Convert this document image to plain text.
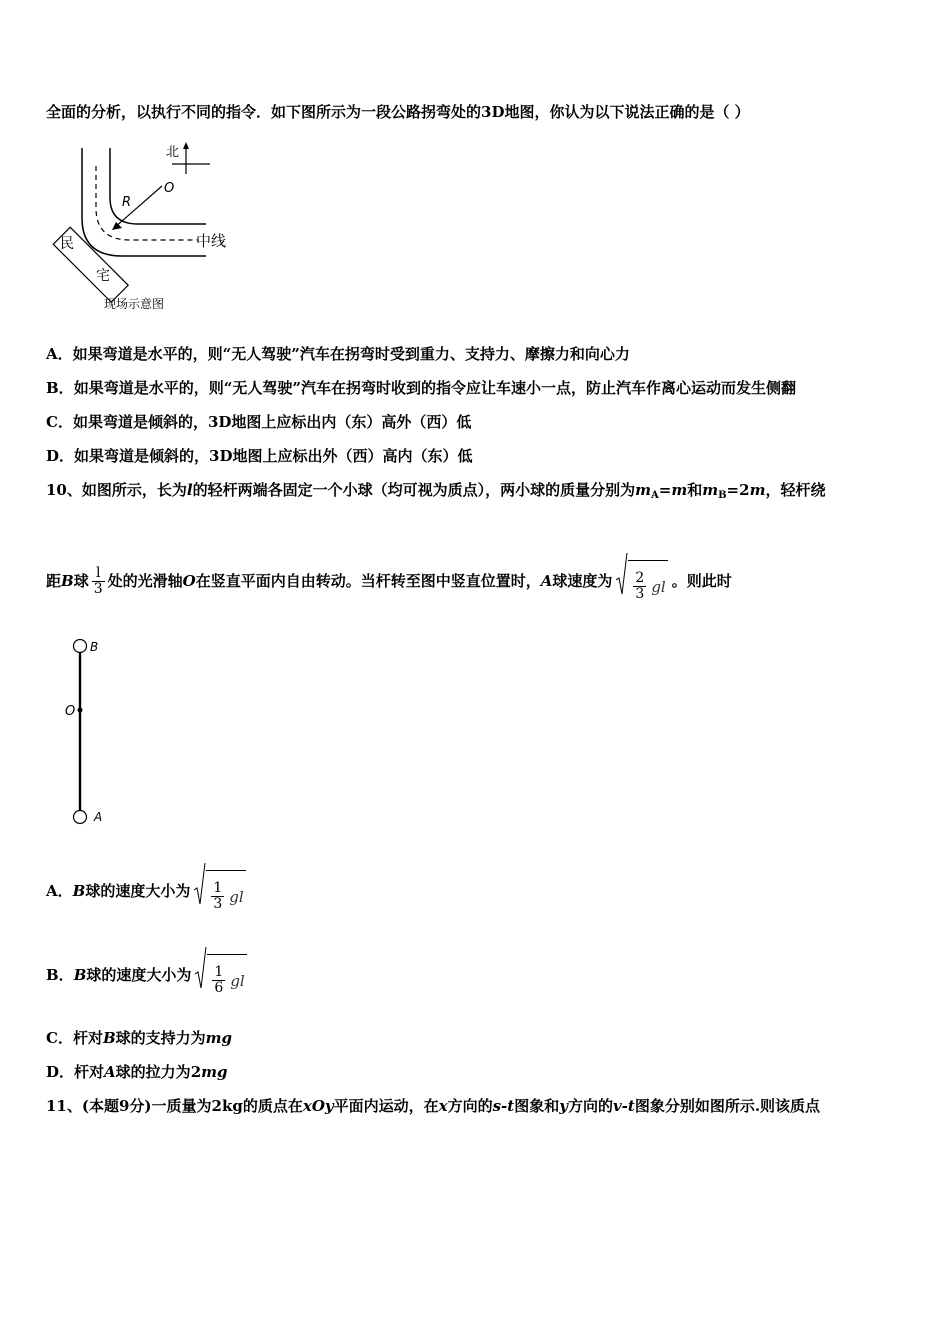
全面的分析，以执行不同的指令．如下图所示为一段公路拐弯处的3D地图，你认为以下说法正确的是（ ）
北
O
R
中线
民
宅
现场示意图
A．如果弯道是水平的，则“无人驾驶”汽车在拐弯时受到重力、支持力、摩擦力和向心力
B．如果弯道是水平的，则“无人驾驶”汽车在拐弯时收到的指令应让车速小一点，防止汽车作离心运动而发生侧翻
C．如果弯道是倾斜的，3D地图上应标出内（东）高外（西）低
D．如果弯道是倾斜的，3D地图上应标出外（西）高内（东）低
10、如图所示，长为l的轻杆两端各固定一个小球（均可视为质点），两小球的质量分别为$m_A=m$和$m_B=2m$，轻杆绕
距B球 $\frac{l}{3}$ 处的光滑轴O在竖直平面内自由转动。当杆转至图中竖直位置时，A球速度为 $\frac{2}{3}$ gl 。则此时
B
O
A
A．B球的速度大小为 $\frac{1}{3}$ gl
B．B球的速度大小为 $\frac{1}{6}$ gl
C．杆对B球的支持力为mg
D．杆对A球的拉力为2mg
11、(本题9分)一质量为2kg的质点在xOy平面内运动，在x方向的s-t图象和y方向的v-t图象分别如图所示.则该质点
